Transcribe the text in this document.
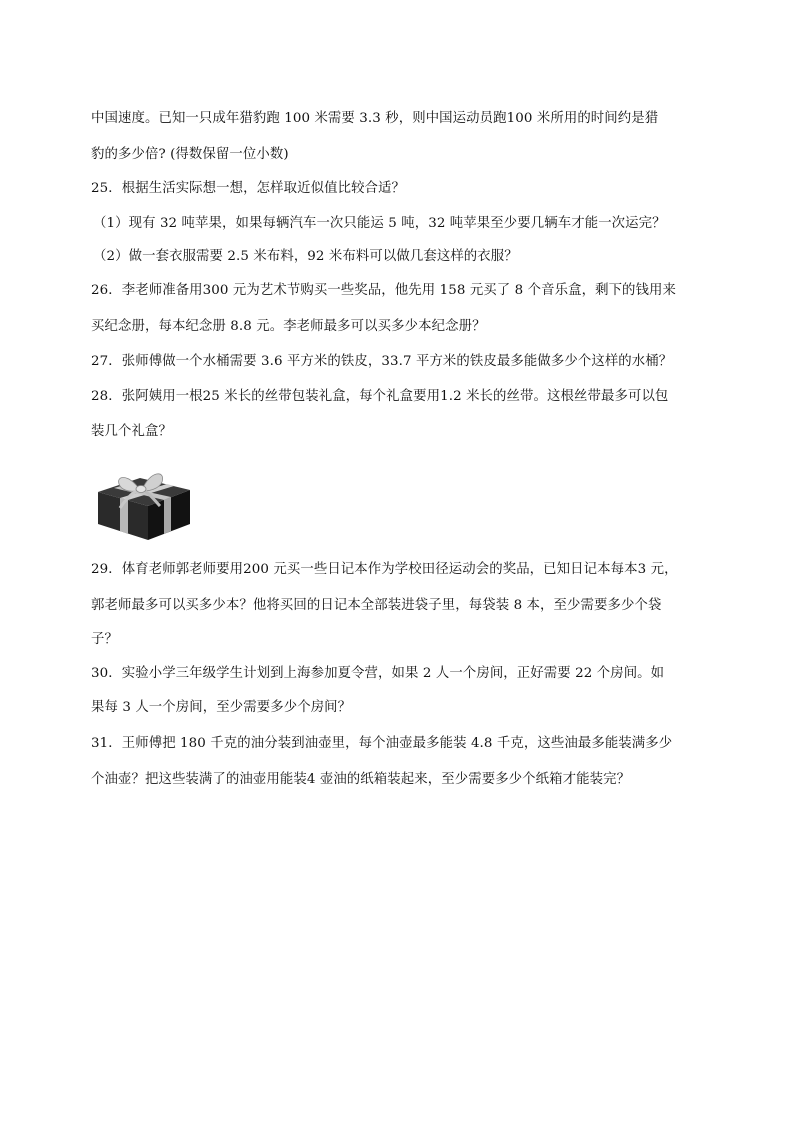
中国速度。已知一只成年猎豹跑 100 米需要 3.3 秒，则中国运动员跑100 米所用的时间约是猎
豹的多少倍? (得数保留一位小数)
25．根据生活实际想一想，怎样取近似值比较合适？
（1）现有 32 吨苹果，如果每辆汽车一次只能运 5 吨，32 吨苹果至少要几辆车才能一次运完？
（2）做一套衣服需要 2.5 米布料，92 米布料可以做几套这样的衣服？
26．李老师准备用300 元为艺术节购买一些奖品，他先用 158 元买了 8 个音乐盒，剩下的钱用来
买纪念册，每本纪念册 8.8 元。李老师最多可以买多少本纪念册？
27．张师傅做一个水桶需要 3.6 平方米的铁皮，33.7 平方米的铁皮最多能做多少个这样的水桶？
28．张阿姨用一根25 米长的丝带包装礼盒，每个礼盒要用1.2 米长的丝带。这根丝带最多可以包
装几个礼盒？
29．体育老师郭老师要用200 元买一些日记本作为学校田径运动会的奖品，已知日记本每本3 元，
郭老师最多可以买多少本？他将买回的日记本全部装进袋子里，每袋装 8 本，至少需要多少个袋
子？
30．实验小学三年级学生计划到上海参加夏令营，如果 2 人一个房间，正好需要 22 个房间。如
果每 3 人一个房间，至少需要多少个房间？
31．王师傅把 180 千克的油分装到油壶里，每个油壶最多能装 4.8 千克，这些油最多能装满多少
个油壶？把这些装满了的油壶用能装4 壶油的纸箱装起来，至少需要多少个纸箱才能装完？
